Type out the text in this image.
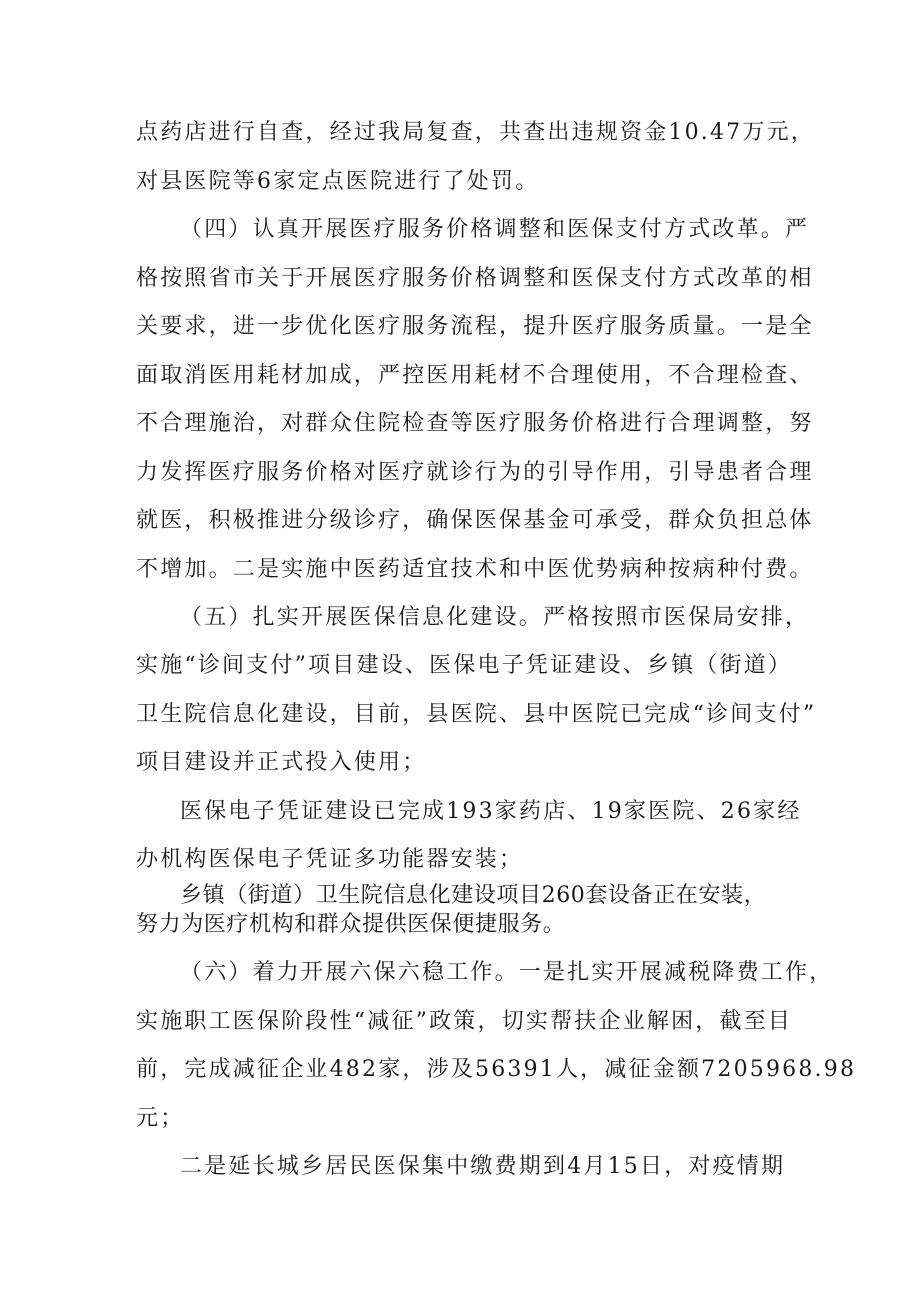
点药店进行自查，经过我局复查，共查出违规资金10.47万元，
对县医院等6家定点医院进行了处罚。
（四）认真开展医疗服务价格调整和医保支付方式改革。严
格按照省市关于开展医疗服务价格调整和医保支付方式改革的相
关要求，进一步优化医疗服务流程，提升医疗服务质量。一是全
面取消医用耗材加成，严控医用耗材不合理使用，不合理检查、
不合理施治，对群众住院检查等医疗服务价格进行合理调整，努
力发挥医疗服务价格对医疗就诊行为的引导作用，引导患者合理
就医，积极推进分级诊疗，确保医保基金可承受，群众负担总体
不增加。二是实施中医药适宜技术和中医优势病种按病种付费。
（五）扎实开展医保信息化建设。严格按照市医保局安排，
实施“诊间支付”项目建设、医保电子凭证建设、乡镇（街道）
卫生院信息化建设，目前，县医院、县中医院已完成“诊间支付”
项目建设并正式投入使用；
医保电子凭证建设已完成193家药店、19家医院、26家经
办机构医保电子凭证多功能器安装；
乡镇（街道）卫生院信息化建设项目260套设备正在安装，
努力为医疗机构和群众提供医保便捷服务。
（六）着力开展六保六稳工作。一是扎实开展减税降费工作，
实施职工医保阶段性“减征”政策，切实帮扶企业解困，截至目
前，完成减征企业482家，涉及56391人，减征金额7205968.98
元；
二是延长城乡居民医保集中缴费期到4月15日，对疫情期
